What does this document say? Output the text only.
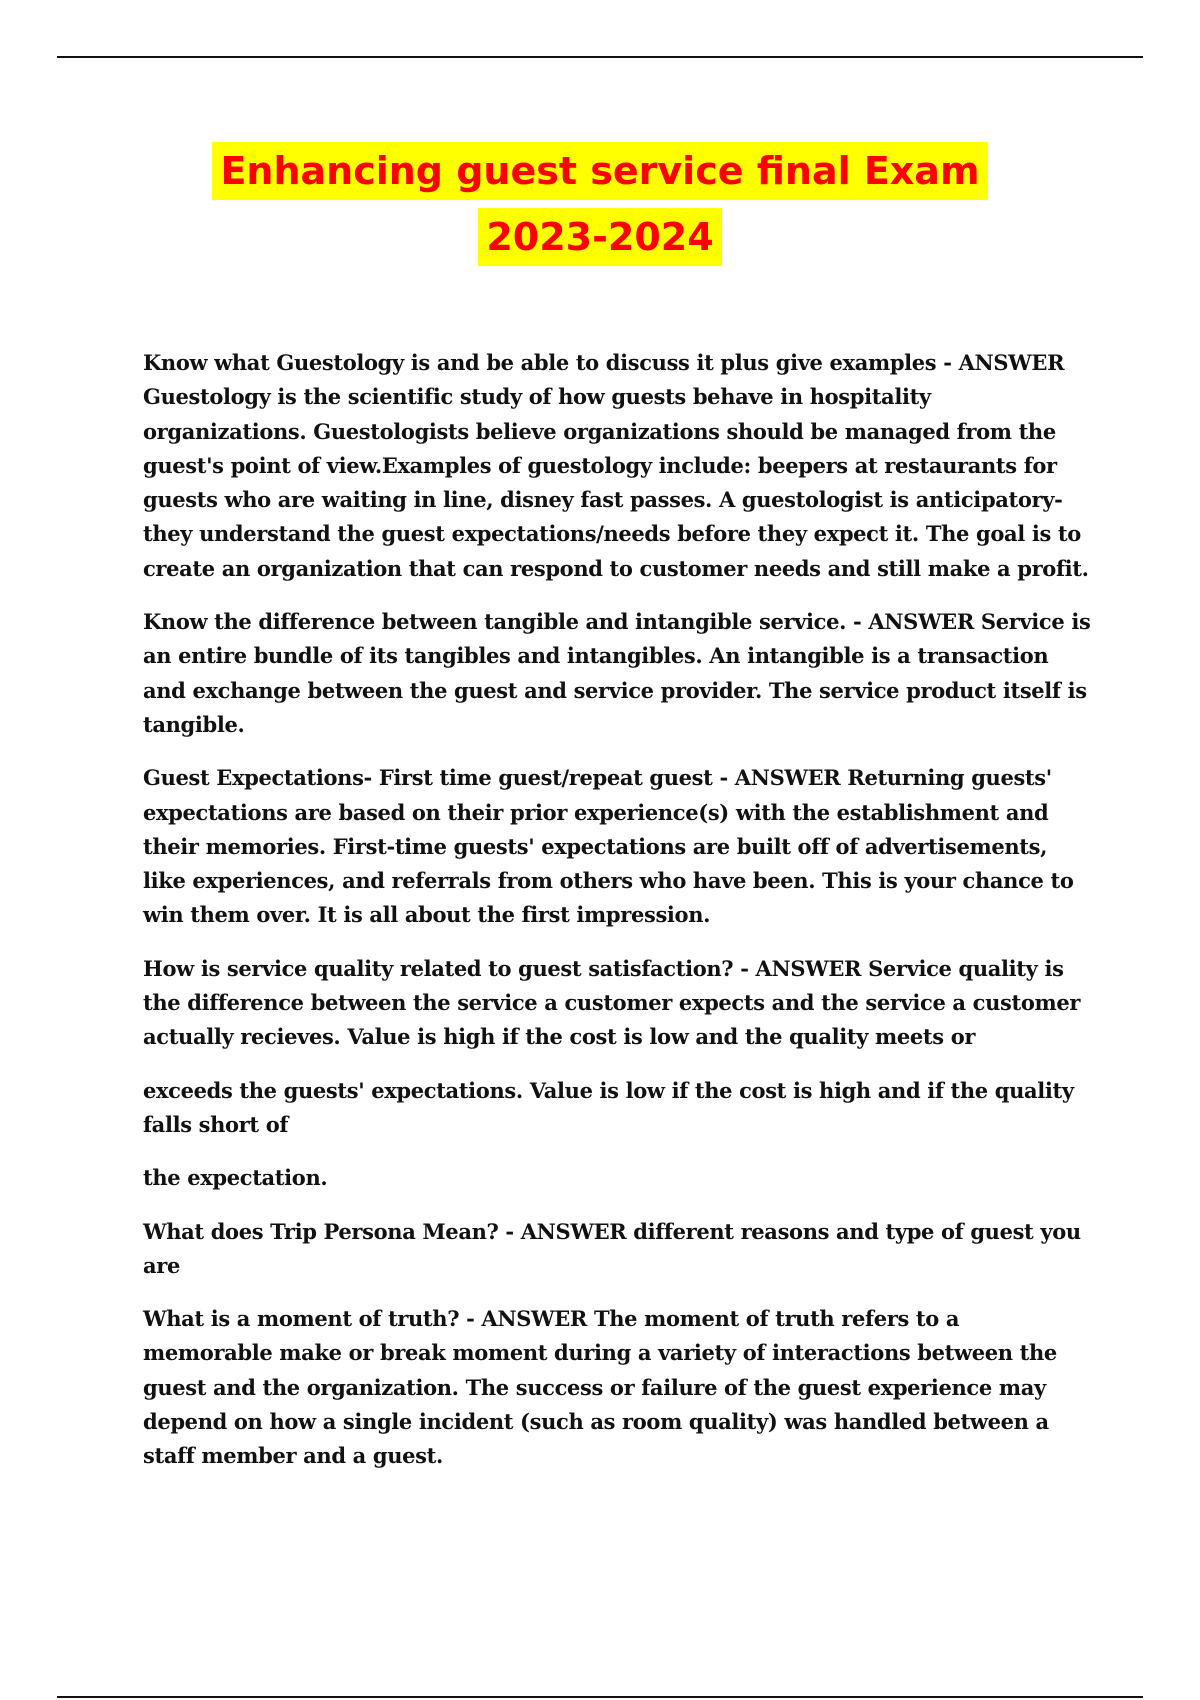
Enhancing guest service final Exam
2023-2024

Know what Guestology is and be able to discuss it plus give examples - ANSWER Guestology is the scientific study of how guests behave in hospitality organizations. Guestologists believe organizations should be managed from the guest's point of view.Examples of guestology include: beepers at restaurants for guests who are waiting in line, disney fast passes. A guestologist is anticipatory- they understand the guest expectations/needs before they expect it. The goal is to create an organization that can respond to customer needs and still make a profit.

Know the difference between tangible and intangible service. - ANSWER Service is an entire bundle of its tangibles and intangibles. An intangible is a transaction and exchange between the guest and service provider. The service product itself is tangible.

Guest Expectations- First time guest/repeat guest - ANSWER Returning guests' expectations are based on their prior experience(s) with the establishment and their memories. First-time guests' expectations are built off of advertisements, like experiences, and referrals from others who have been. This is your chance to win them over. It is all about the first impression.

How is service quality related to guest satisfaction? - ANSWER Service quality is the difference between the service a customer expects and the service a customer actually recieves. Value is high if the cost is low and the quality meets or

exceeds the guests' expectations. Value is low if the cost is high and if the quality falls short of

the expectation.

What does Trip Persona Mean? - ANSWER different reasons and type of guest you are

What is a moment of truth? - ANSWER The moment of truth refers to a memorable make or break moment during a variety of interactions between the guest and the organization. The success or failure of the guest experience may depend on how a single incident (such as room quality) was handled between a staff member and a guest.
